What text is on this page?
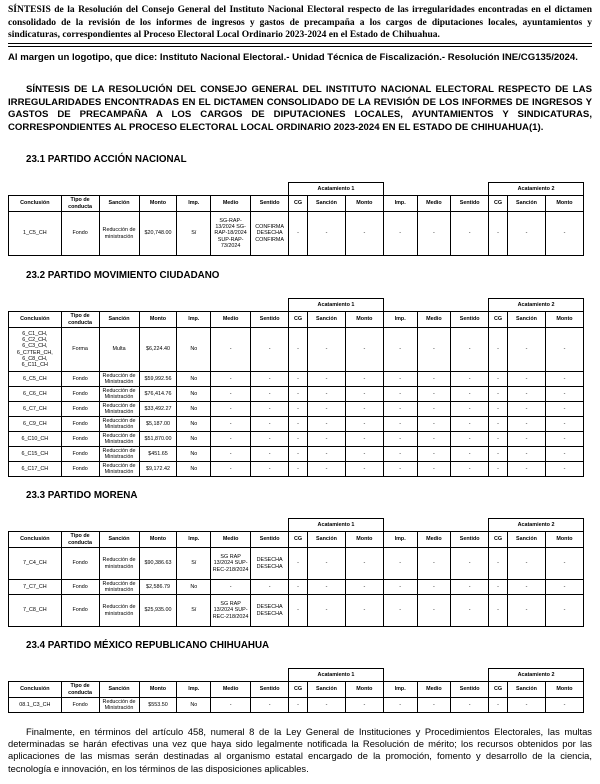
SÍNTESIS de la Resolución del Consejo General del Instituto Nacional Electoral respecto de las irregularidades encontradas en el dictamen consolidado de la revisión de los informes de ingresos y gastos de precampaña a los cargos de diputaciones locales, ayuntamientos y sindicaturas, correspondientes al Proceso Electoral Local Ordinario 2023-2024 en el Estado de Chihuahua.
Al margen un logotipo, que dice: Instituto Nacional Electoral.- Unidad Técnica de Fiscalización.- Resolución INE/CG135/2024.
SÍNTESIS DE LA RESOLUCIÓN DEL CONSEJO GENERAL DEL INSTITUTO NACIONAL ELECTORAL RESPECTO DE LAS IRREGULARIDADES ENCONTRADAS EN EL DICTAMEN CONSOLIDADO DE LA REVISIÓN DE LOS INFORMES DE INGRESOS Y GASTOS DE PRECAMPAÑA A LOS CARGOS DE DIPUTACIONES LOCALES, AYUNTAMIENTOS Y SINDICATURAS, CORRESPONDIENTES AL PROCESO ELECTORAL LOCAL ORDINARIO 2023-2024 EN EL ESTADO DE CHIHUAHUA(1).
23.1 PARTIDO ACCIÓN NACIONAL
							Acatamiento 1						Acatamiento 2		
Conclusión	Tipo de conducta	Sanción	Monto	Imp.	Medio	Sentido	CG	Sanción	Monto	Imp.	Medio	Sentido	CG	Sanción	Monto
1_C5_CH	Fondo	Reducción de ministración	$20,748.00	Sí	SG-RAP-13/2024 SG-RAP-18/2024 SUP-RAP-73/2024	CONFIRMA DESECHA CONFIRMA	-	-	-	-	-	-	-	-	-
23.2 PARTIDO MOVIMIENTO CIUDADANO
							Acatamiento 1						Acatamiento 2		
Conclusión	Tipo de conducta	Sanción	Monto	Imp.	Medio	Sentido	CG	Sanción	Monto	Imp.	Medio	Sentido	CG	Sanción	Monto
6_C1_CH, 6_C2_CH, 6_C3_CH, 6_C7TER_CH, 6_C8_CH, 6_C11_CH	Forma	Multa	$6,224.40	No	-	-	-	-	-	-	-	-	-	-	-
6_C5_CH	Fondo	Reducción de Ministración	$59,992.56	No	-	-	-	-	-	-	-	-	-	-	-
6_C6_CH	Fondo	Reducción de Ministración	$76,414.76	No	-	-	-	-	-	-	-	-	-	-	-
6_C7_CH	Fondo	Reducción de Ministración	$33,492.27	No	-	-	-	-	-	-	-	-	-	-	-
6_C9_CH	Fondo	Reducción de Ministración	$5,187.00	No	-	-	-	-	-	-	-	-	-	-	-
6_C10_CH	Fondo	Reducción de Ministración	$51,870.00	No	-	-	-	-	-	-	-	-	-	-	-
6_C15_CH	Fondo	Reducción de Ministración	$451.65	No	-	-	-	-	-	-	-	-	-	-	-
6_C17_CH	Fondo	Reducción de Ministración	$9,172.42	No	-	-	-	-	-	-	-	-	-	-	-
23.3 PARTIDO MORENA
							Acatamiento 1						Acatamiento 2		
Conclusión	Tipo de conducta	Sanción	Monto	Imp.	Medio	Sentido	CG	Sanción	Monto	Imp.	Medio	Sentido	CG	Sanción	Monto
7_C4_CH	Fondo	Reducción de ministración	$90,386.63	Sí	SG RAP 13/2024 SUP-REC-218/2024	DESECHA DESECHA	-	-	-	-	-	-	-	-	-
7_C7_CH	Fondo	Reducción de ministración	$2,586.79	No	-	-	-	-	-	-	-	-	-	-	-
7_C8_CH	Fondo	Reducción de ministración	$25,935.00	Sí	SG RAP 13/2024 SUP-REC-218/2024	DESECHA DESECHA	-	-	-	-	-	-	-	-	-
23.4 PARTIDO MÉXICO REPUBLICANO CHIHUAHUA
							Acatamiento 1						Acatamiento 2		
Conclusión	Tipo de conducta	Sanción	Monto	Imp.	Medio	Sentido	CG	Sanción	Monto	Imp.	Medio	Sentido	CG	Sanción	Monto
08.1_C3_CH	Fondo	Reducción de Ministración	$553.50	No	-	-	-	-	-	-	-	-	-	-	-
Finalmente, en términos del artículo 458, numeral 8 de la Ley General de Instituciones y Procedimientos Electorales, las multas determinadas se harán efectivas una vez que haya sido legalmente notificada la Resolución de mérito; los recursos obtenidos por las aplicaciones de las mismas serán destinadas al organismo estatal encargado de la promoción, fomento y desarrollo de la ciencia, tecnología e innovación, en los términos de las disposiciones aplicables.
